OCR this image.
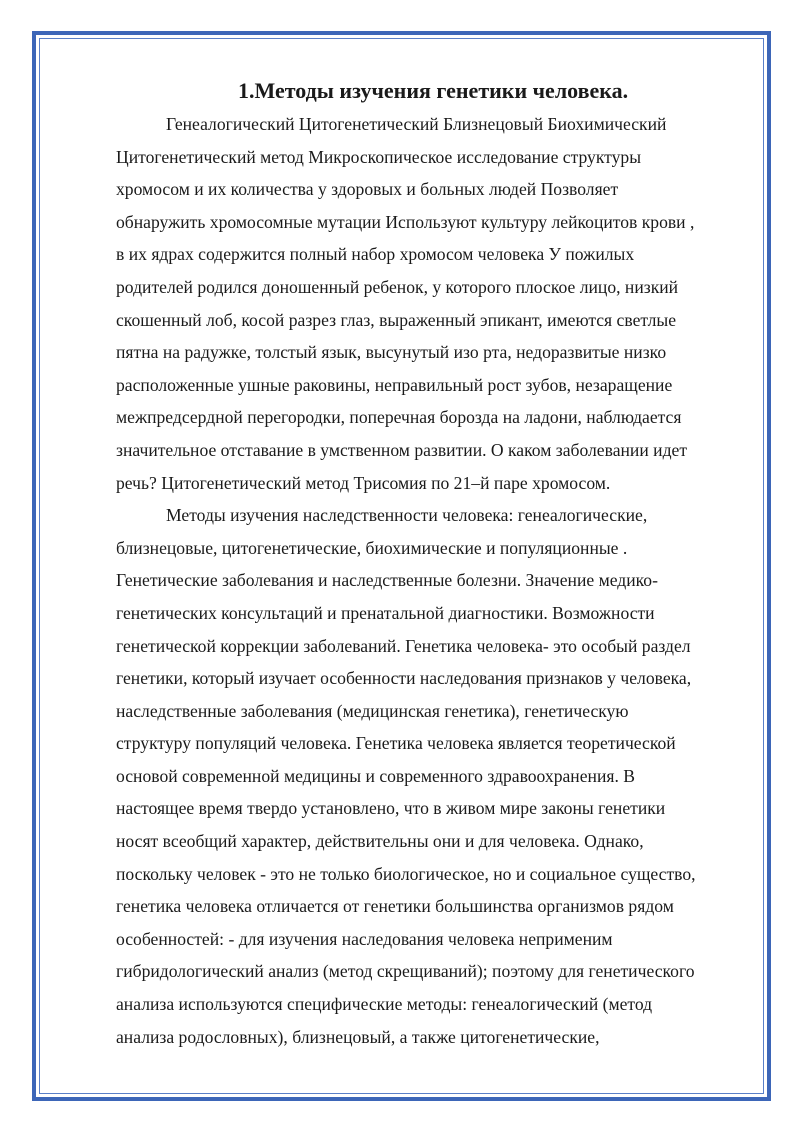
1.Методы изучения генетики человека.

Генеалогический Цитогенетический Близнецовый Биохимический
Цитогенетический метод Микроскопическое исследование структуры
хромосом и их количества у здоровых и больных людей Позволяет
обнаружить хромосомные мутации Используют культуру лейкоцитов крови ,
в их ядрах содержится полный набор хромосом человека У пожилых
родителей родился доношенный ребенок, у которого плоское лицо, низкий
скошенный лоб, косой разрез глаз, выраженный эпикант, имеются светлые
пятна на радужке, толстый язык, высунутый изо рта, недоразвитые низко
расположенные ушные раковины, неправильный рост зубов, незаращение
межпредсердной перегородки, поперечная борозда на ладони, наблюдается
значительное отставание в умственном развитии. О каком заболевании идет
речь? Цитогенетический метод Трисомия по 21–й паре хромосом.

Методы изучения наследственности человека: генеалогические,
близнецовые, цитогенетические, биохимические и популяционные .
Генетические заболевания и наследственные болезни. Значение медико-
генетических консультаций и пренатальной диагностики. Возможности
генетической коррекции заболеваний. Генетика человека- это особый раздел
генетики, который изучает особенности наследования признаков у человека,
наследственные заболевания (медицинская генетика), генетическую
структуру популяций человека. Генетика человека является теоретической
основой современной медицины и современного здравоохранения. В
настоящее время твердо установлено, что в живом мире законы генетики
носят всеобщий характер, действительны они и для человека. Однако,
поскольку человек - это не только биологическое, но и социальное существо,
генетика человека отличается от генетики большинства организмов рядом
особенностей: - для изучения наследования человека неприменим
гибридологический анализ (метод скрещиваний); поэтому для генетического
анализа используются специфические методы: генеалогический (метод
анализа родословных), близнецовый, а также цитогенетические,
